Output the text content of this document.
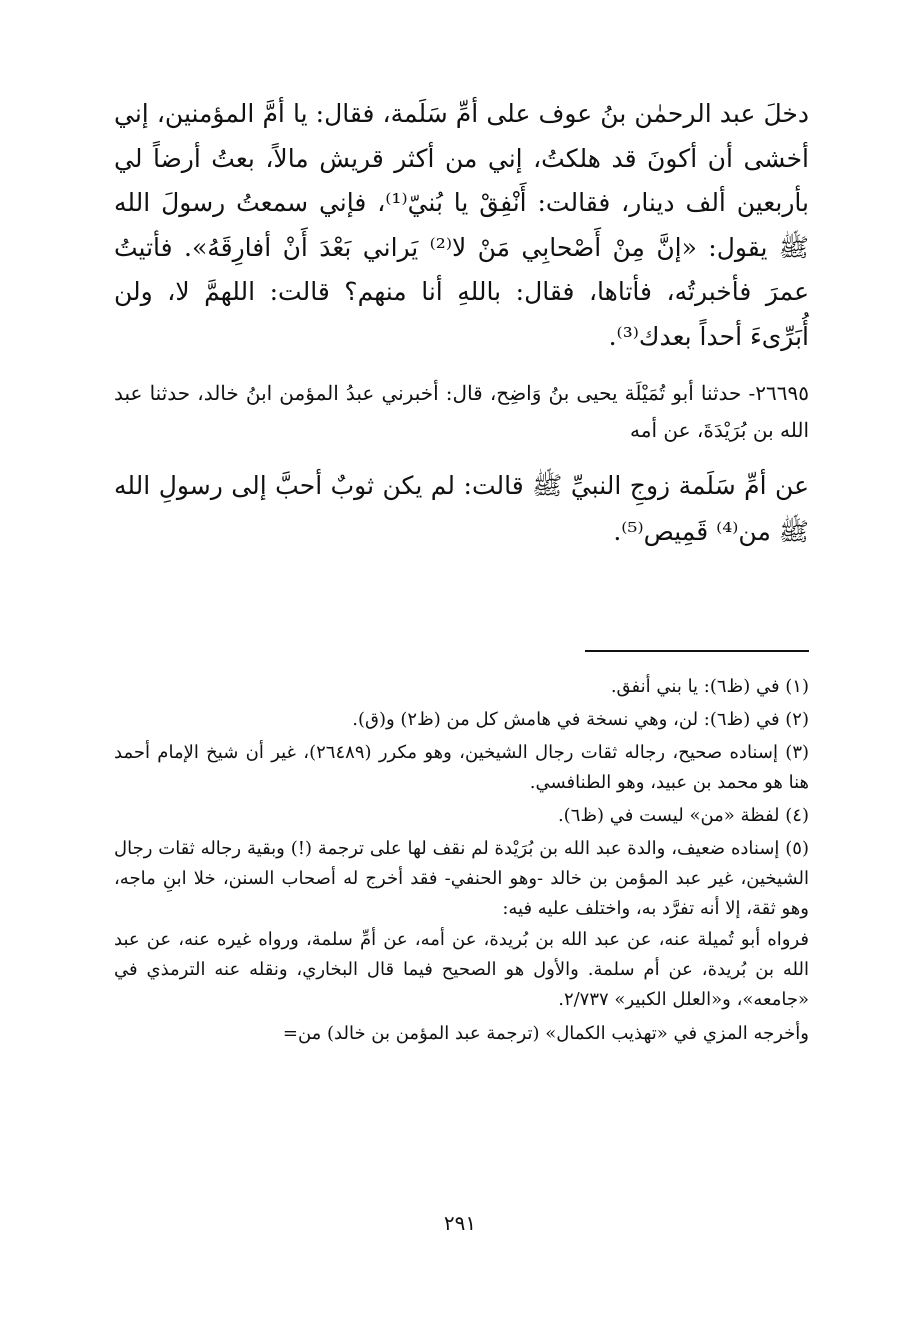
دخلَ عبد الرحمٰن بنُ عوف على أمِّ سَلَمة، فقال: يا أمَّ المؤمنين، إني أخشى أن أكونَ قد هلكتُ، إني من أكثر قريش مالاً، بعتُ أرضاً لي بأربعين ألف دينار، فقالت: أَنْفِقْ يا بُنيّ⁽¹⁾، فإني سمعتُ رسولَ الله ﷺ يقول: «إنَّ مِنْ أَصْحابِي مَنْ لا⁽²⁾ يَراني بَعْدَ أَنْ أفارِقَهُ». فأتيتُ عمرَ فأخبرتُه، فأتاها، فقال: باللهِ أنا منهم؟ قالت: اللهمَّ لا، ولن أُبَرِّىءَ أحداً بعدك⁽³⁾.

٢٦٦٩٥- حدثنا أبو تُمَيْلَة يحيى بنُ وَاضِح، قال: أخبرني عبدُ المؤمن ابنُ خالد، حدثنا عبد الله بن بُرَيْدَةَ، عن أمه

عن أمِّ سَلَمة زوجِ النبيِّ ﷺ قالت: لم يكن ثوبٌ أحبَّ إلى رسولِ الله ﷺ من⁽⁴⁾ قَمِيص⁽⁵⁾.

(١) في (ظ٦): يا بني أنفق.

(٢) في (ظ٦): لن، وهي نسخة في هامش كل من (ظ٢) و(ق).

(٣) إسناده صحيح، رجاله ثقات رجال الشيخين، وهو مكرر (٢٦٤٨٩)، غير أن شيخ الإمام أحمد هنا هو محمد بن عبيد، وهو الطنافسي.

(٤) لفظة «من» ليست في (ظ٦).

(٥) إسناده ضعيف، والدة عبد الله بن بُرَيْدة لم نقف لها على ترجمة (!) وبقية رجاله ثقات رجال الشيخين، غير عبد المؤمن بن خالد -وهو الحنفي- فقد أخرج له أصحاب السنن، خلا ابنِ ماجه، وهو ثقة، إلا أنه تفرَّد به، واختلف عليه فيه:

فرواه أبو تُميلة عنه، عن عبد الله بن بُريدة، عن أمه، عن أمِّ سلمة، ورواه غيره عنه، عن عبد الله بن بُريدة، عن أم سلمة. والأول هو الصحيح فيما قال البخاري، ونقله عنه الترمذي في «جامعه»، و«العلل الكبير» ٢/٧٣٧.

وأخرجه المزي في «تهذيب الكمال» (ترجمة عبد المؤمن بن خالد) من=

٢٩١
